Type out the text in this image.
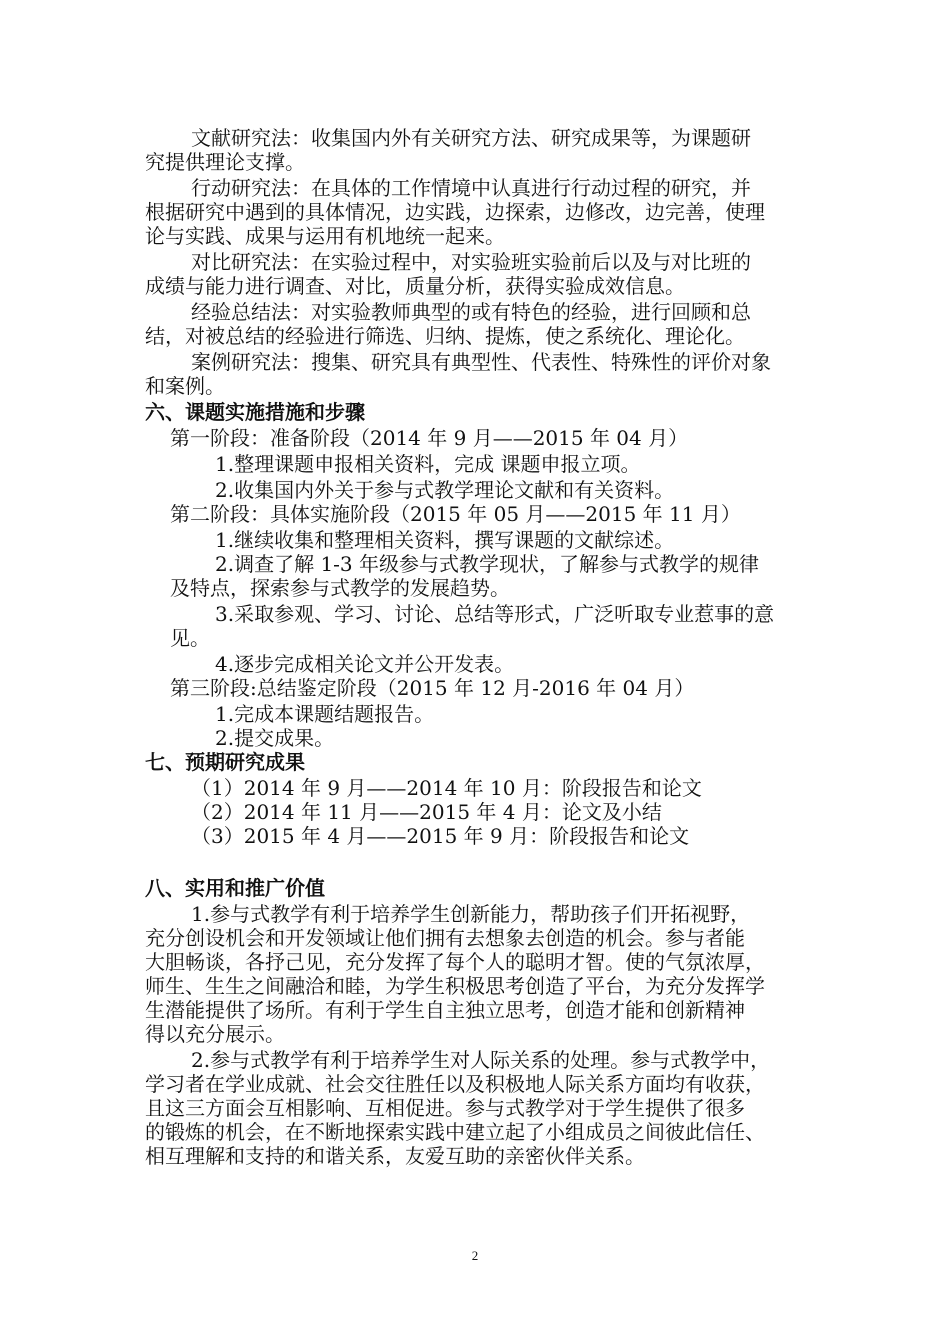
文献研究法：收集国内外有关研究方法、研究成果等，为课题研

究提供理论支撑。

行动研究法：在具体的工作情境中认真进行行动过程的研究，并

根据研究中遇到的具体情况，边实践，边探索，边修改，边完善，使理

论与实践、成果与运用有机地统一起来。

对比研究法：在实验过程中，对实验班实验前后以及与对比班的

成绩与能力进行调查、对比，质量分析，获得实验成效信息。

经验总结法：对实验教师典型的或有特色的经验，进行回顾和总

结，对被总结的经验进行筛选、归纳、提炼，使之系统化、理论化。

案例研究法：搜集、研究具有典型性、代表性、特殊性的评价对象

和案例。

六、课题实施措施和步骤

第一阶段：准备阶段（2014 年 9 月——2015 年 04 月）

1.整理课题申报相关资料，完成 课题申报立项。

2.收集国内外关于参与式教学理论文献和有关资料。

第二阶段：具体实施阶段（2015 年 05 月——2015 年 11 月）

1.继续收集和整理相关资料，撰写课题的文献综述。

2.调查了解 1-3 年级参与式教学现状，了解参与式教学的规律

及特点，探索参与式教学的发展趋势。

3.采取参观、学习、讨论、总结等形式，广泛听取专业惹事的意

见。

4.逐步完成相关论文并公开发表。

第三阶段:总结鉴定阶段（2015 年 12 月-2016 年 04 月）

1.完成本课题结题报告。

2.提交成果。

七、预期研究成果

（1）2014 年 9 月——2014 年 10 月：阶段报告和论文

（2）2014 年 11 月——2015 年 4 月：论文及小结

（3）2015 年 4 月——2015 年 9 月：阶段报告和论文

八、实用和推广价值

1.参与式教学有利于培养学生创新能力，帮助孩子们开拓视野，

充分创设机会和开发领域让他们拥有去想象去创造的机会。参与者能

大胆畅谈，各抒己见，充分发挥了每个人的聪明才智。使的气氛浓厚，

师生、生生之间融洽和睦，为学生积极思考创造了平台，为充分发挥学

生潜能提供了场所。有利于学生自主独立思考，创造才能和创新精神

得以充分展示。

2.参与式教学有利于培养学生对人际关系的处理。参与式教学中，

学习者在学业成就、社会交往胜任以及积极地人际关系方面均有收获，

且这三方面会互相影响、互相促进。参与式教学对于学生提供了很多

的锻炼的机会，在不断地探索实践中建立起了小组成员之间彼此信任、

相互理解和支持的和谐关系，友爱互助的亲密伙伴关系。

2
